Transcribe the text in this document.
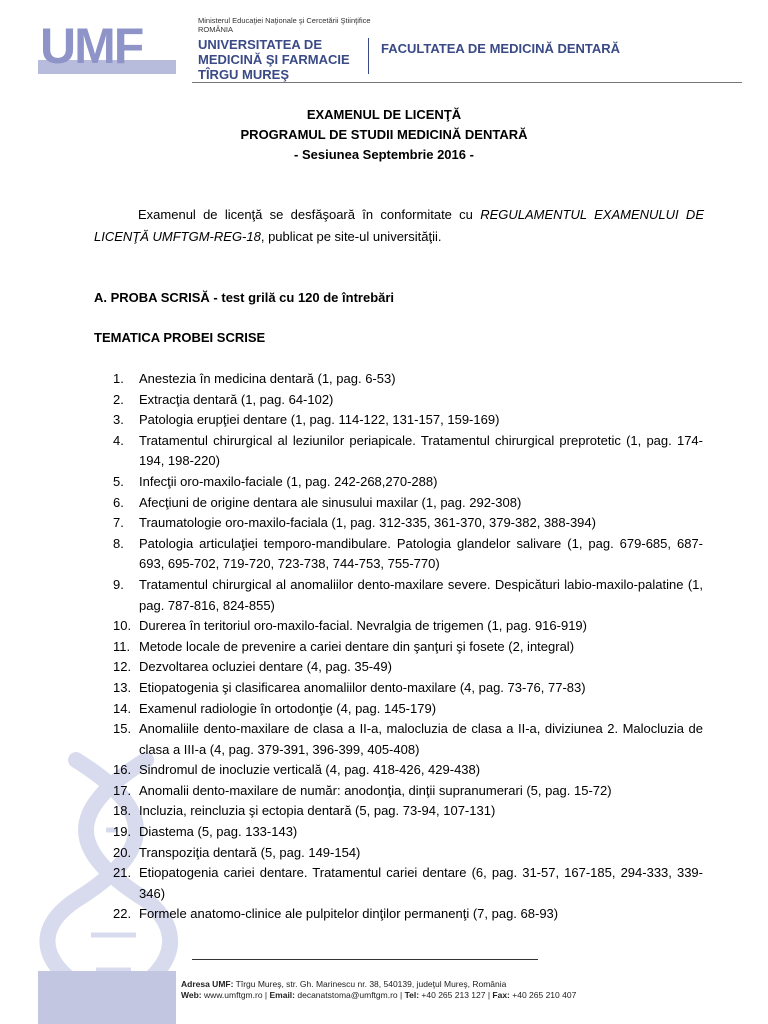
UMF	Ministerul Educaţiei Naţionale şi Cercetării Ştiinţifice
ROMÂNIA
UNIVERSITATEA DE
MEDICINĂ ŞI FARMACIE
TÎRGU MUREŞ
FACULTATEA DE MEDICINĂ DENTARĂ
EXAMENUL DE LICENŢĂ
PROGRAMUL DE STUDII MEDICINĂ DENTARĂ
- Sesiunea Septembrie 2016 -

Examenul de licenţă se desfăşoară în conformitate cu REGULAMENTUL EXAMENULUI DE LICENŢĂ UMFTGM-REG-18, publicat pe site-ul universităţii.

A. PROBA SCRISĂ - test grilă cu 120 de întrebări
TEMATICA PROBEI SCRISE
1. Anestezia în medicina dentară (1, pag. 6-53)
2. Extracţia dentară (1, pag. 64-102)
3. Patologia erupţiei dentare (1, pag. 114-122, 131-157, 159-169)
4. Tratamentul chirurgical al leziunilor periapicale. Tratamentul chirurgical preprotetic (1, pag. 174-194, 198-220)
5. Infecţii oro-maxilo-faciale (1, pag. 242-268,270-288)
6. Afecţiuni de origine dentara ale sinusului maxilar (1, pag. 292-308)
7. Traumatologie oro-maxilo-faciala (1, pag. 312-335, 361-370, 379-382, 388-394)
8. Patologia articulaţiei temporo-mandibulare. Patologia glandelor salivare (1, pag. 679-685, 687-693, 695-702, 719-720, 723-738, 744-753, 755-770)
9. Tratamentul chirurgical al anomaliilor dento-maxilare severe. Despicături labio-maxilo-palatine (1, pag. 787-816, 824-855)
10. Durerea în teritoriul oro-maxilo-facial. Nevralgia de trigemen (1, pag. 916-919)
11. Metode locale de prevenire a cariei dentare din şanţuri şi fosete (2, integral)
12. Dezvoltarea ocluziei dentare (4, pag. 35-49)
13. Etiopatogenia şi clasificarea anomaliilor dento-maxilare (4, pag. 73-76, 77-83)
14. Examenul radiologie în ortodonţie (4, pag. 145-179)
15. Anomaliile dento-maxilare de clasa a II-a, malocluzia de clasa a II-a, diviziunea 2. Malocluzia de clasa a III-a (4, pag. 379-391, 396-399, 405-408)
16. Sindromul de inocluzie verticală (4, pag. 418-426, 429-438)
17. Anomalii dento-maxilare de număr: anodonţia, dinţii supranumerari (5, pag. 15-72)
18. Incluzia, reincluzia şi ectopia dentară (5, pag. 73-94, 107-131)
19. Diastema (5, pag. 133-143)
20. Transpoziţia dentară (5, pag. 149-154)
21. Etiopatogenia cariei dentare. Tratamentul cariei dentare (6, pag. 31-57, 167-185, 294-333, 339-346)
22. Formele anatomo-clinice ale pulpitelor dinţilor permanenţi (7, pag. 68-93)
Adresa UMF: Tîrgu Mureş, str. Gh. Marinescu nr. 38, 540139, judeţul Mureş, România
Web: www.umftgm.ro | Email: decanatstoma@umftgm.ro | Tel: +40 265 213 127 | Fax: +40 265 210 407
